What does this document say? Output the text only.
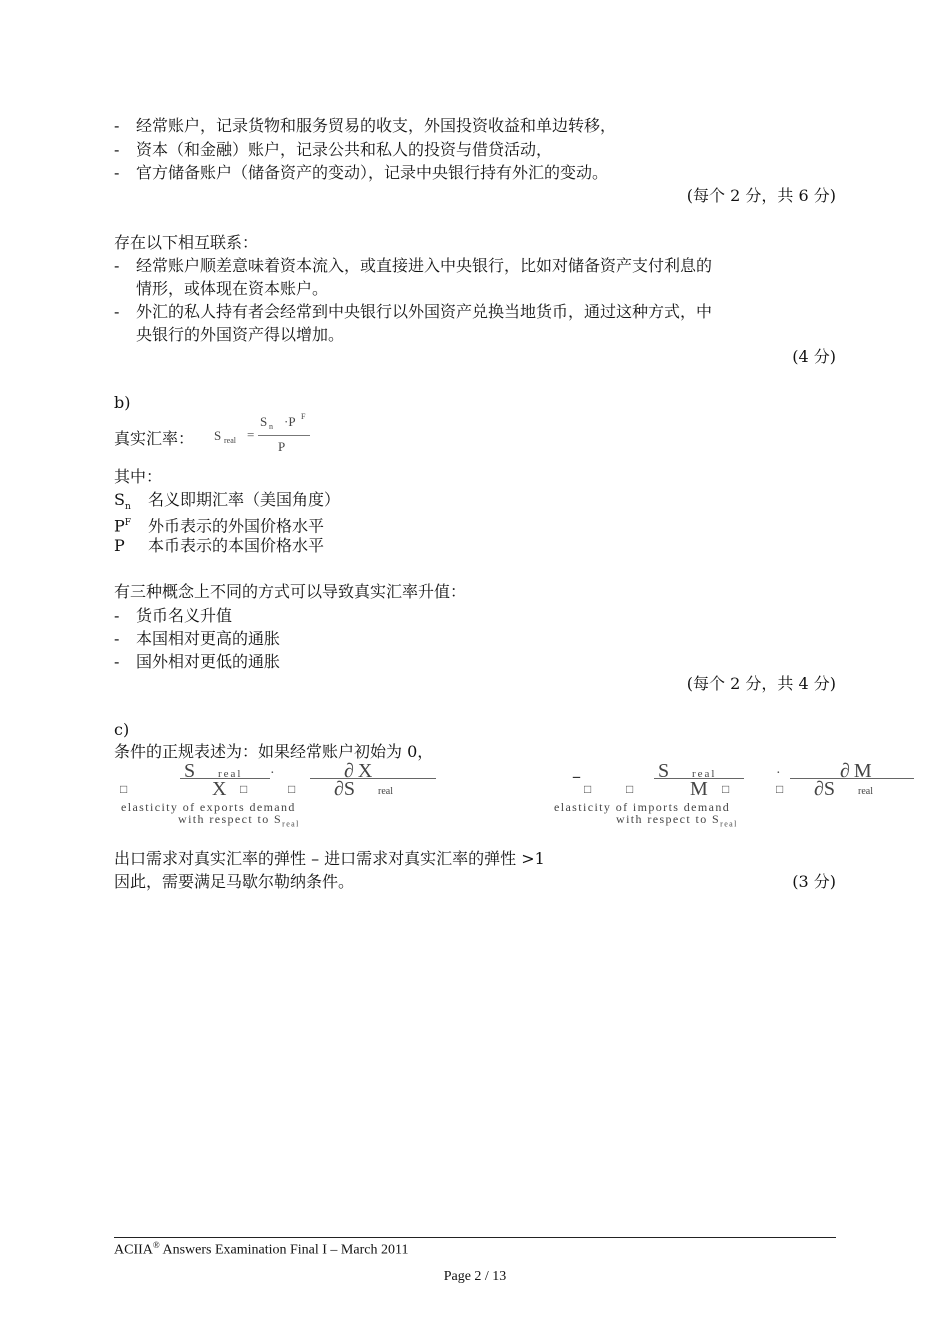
- 经常账户，记录货物和服务贸易的收支，外国投资收益和单边转移，
- 资本（和金融）账户，记录公共和私人的投资与借贷活动，
- 官方储备账户（储备资产的变动），记录中央银行持有外汇的变动。
(每个 2 分，共 6 分)
存在以下相互联系：
- 经常账户顺差意味着资本流入，或直接进入中央银行，比如对储备资产支付利息的
情形，或体现在资本账户。
- 外汇的私人持有者会经常到中央银行以外国资产兑换当地货币，通过这种方式，中
央银行的外国资产得以增加。
(4 分)
b)
真实汇率： S real =
S n ·P F
P
其中：
$S_n$ 名义即期汇率（美国角度）
$P^F$ 外币表示的外国价格水平
P 本币表示的本国价格水平
有三种概念上不同的方式可以导致真实汇率升值：
- 货币名义升值
- 本国相对更高的通胀
- 国外相对更低的通胀
(每个 2 分，共 4 分)
c)
条件的正规表述为：如果经常账户初始为 0，
S real ·	∂X
□	X □	□ ∂S real
elasticity of exports demand
with respect to $S_{real}$
–	S real	·	∂M
□	□	M □	□ ∂S real
elasticity of imports demand
with respect to $S_{real}$
出口需求对真实汇率的弹性 – 进口需求对真实汇率的弹性 >1
因此，需要满足马歇尔勒纳条件。	(3 分)
ACIIA® Answers Examination Final I – March 2011
Page 2 / 13
